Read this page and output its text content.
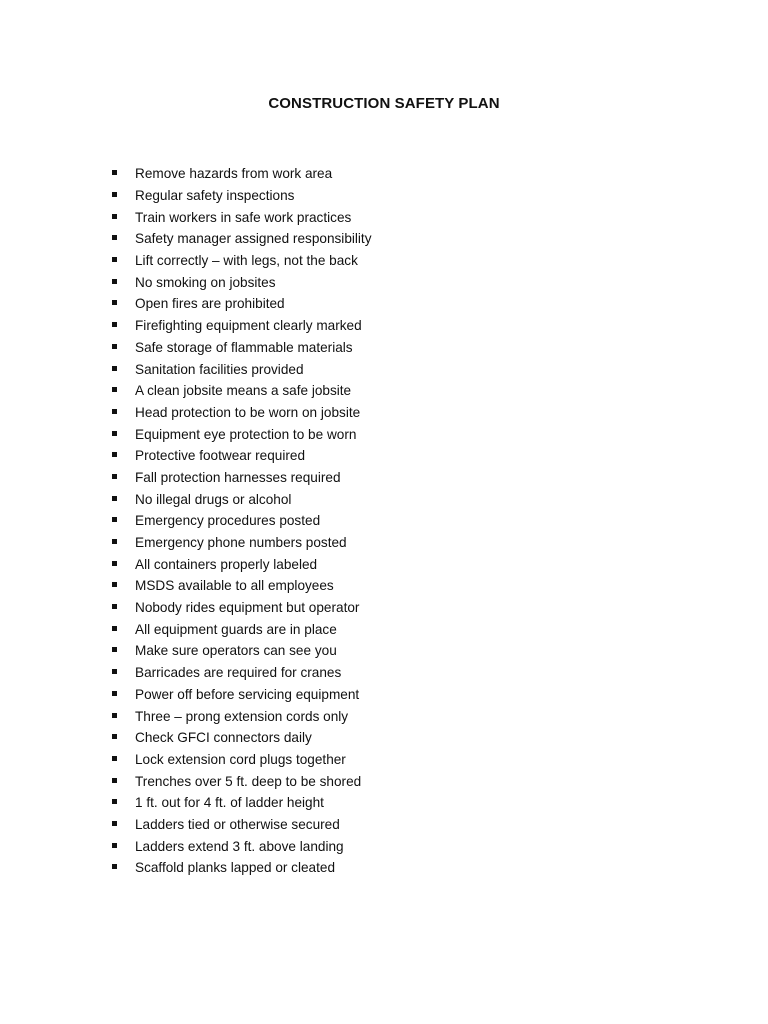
CONSTRUCTION SAFETY PLAN
Remove hazards from work area
Regular safety inspections
Train workers in safe work practices
Safety manager assigned responsibility
Lift correctly – with legs, not the back
No smoking on jobsites
Open fires are prohibited
Firefighting equipment clearly marked
Safe storage of flammable materials
Sanitation facilities provided
A clean jobsite means a safe jobsite
Head protection to be worn on jobsite
Equipment eye protection to be worn
Protective footwear required
Fall protection harnesses required
No illegal drugs or alcohol
Emergency procedures posted
Emergency phone numbers posted
All containers properly labeled
MSDS available to all employees
Nobody rides equipment but operator
All equipment guards are in place
Make sure operators can see you
Barricades are required for cranes
Power off before servicing equipment
Three – prong extension cords only
Check GFCI connectors daily
Lock extension cord plugs together
Trenches over 5 ft. deep to be shored
1 ft. out for 4 ft. of ladder height
Ladders tied or otherwise secured
Ladders extend 3 ft. above landing
Scaffold planks lapped or cleated
